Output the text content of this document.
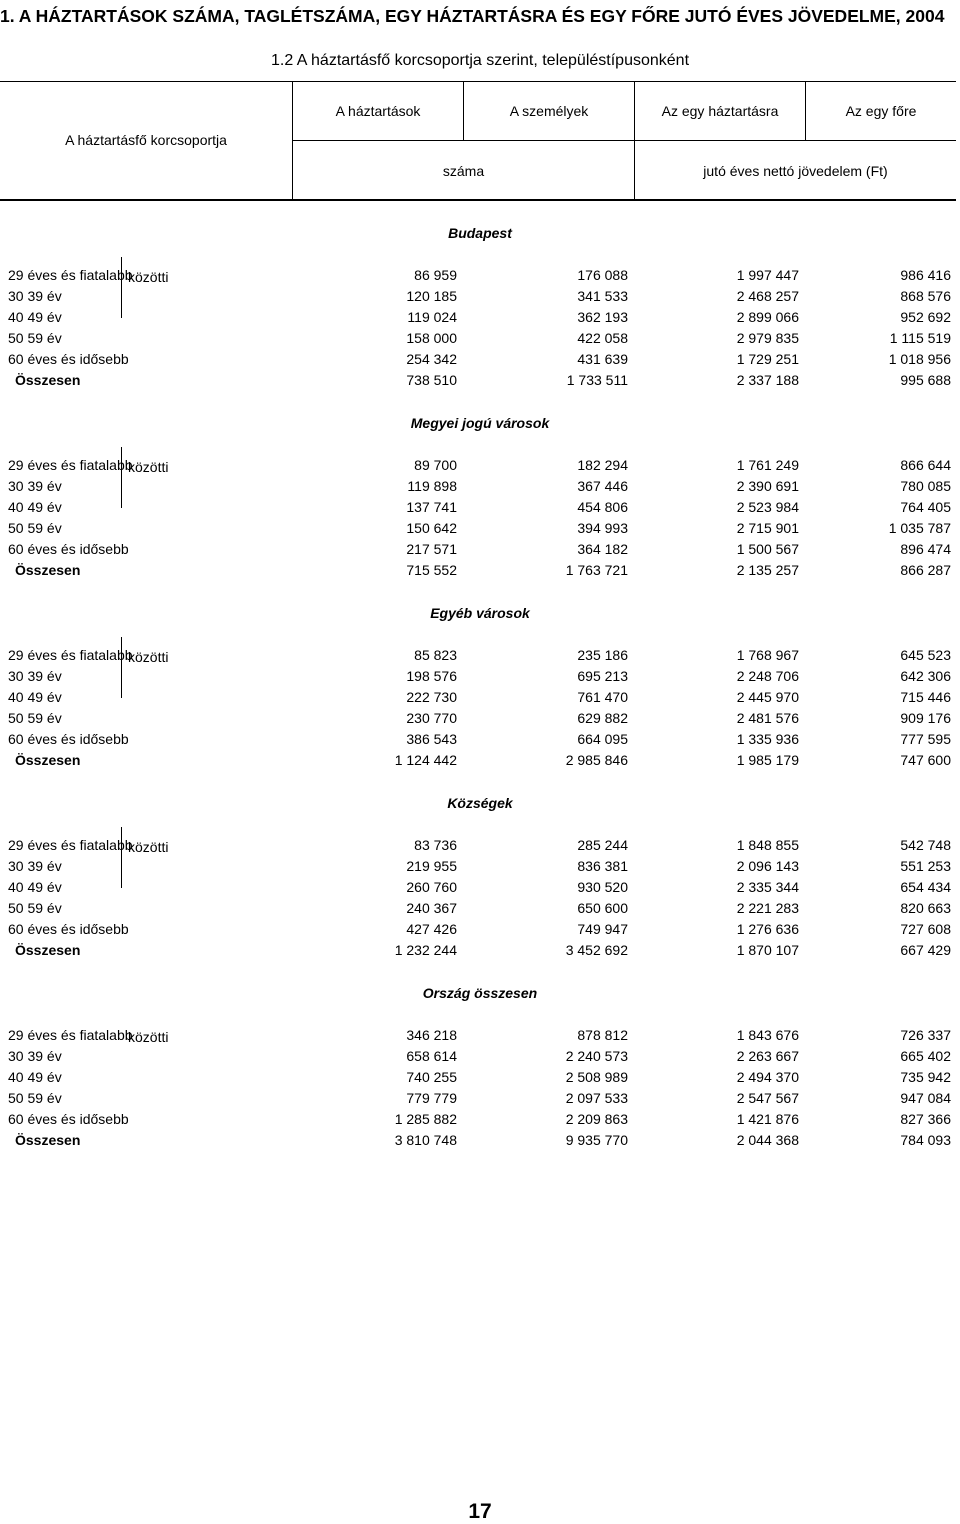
1. A HÁZTARTÁSOK SZÁMA, TAGLÉTSZÁMA, EGY HÁZTARTÁSRA ÉS EGY FŐRE JUTÓ ÉVES JÖVEDELME, 2004
1.2 A háztartásfő korcsoportja szerint, településtípusonként
A háztartásfő korcsoportja
A háztartások	A személyek	Az egy háztartásra	Az egy főre
száma	jutó éves nettó jövedelem (Ft)
Budapest
közötti
29 éves és fiatalabb	86 959	176 088	1 997 447	986 416
30 39 év	120 185	341 533	2 468 257	868 576
40 49 év	119 024	362 193	2 899 066	952 692
50 59 év	158 000	422 058	2 979 835	1 115 519
60 éves és idősebb	254 342	431 639	1 729 251	1 018 956
Összesen	738 510	1 733 511	2 337 188	995 688
Megyei jogú városok
közötti
29 éves és fiatalabb	89 700	182 294	1 761 249	866 644
30 39 év	119 898	367 446	2 390 691	780 085
40 49 év	137 741	454 806	2 523 984	764 405
50 59 év	150 642	394 993	2 715 901	1 035 787
60 éves és idősebb	217 571	364 182	1 500 567	896 474
Összesen	715 552	1 763 721	2 135 257	866 287
Egyéb városok
közötti
29 éves és fiatalabb	85 823	235 186	1 768 967	645 523
30 39 év	198 576	695 213	2 248 706	642 306
40 49 év	222 730	761 470	2 445 970	715 446
50 59 év	230 770	629 882	2 481 576	909 176
60 éves és idősebb	386 543	664 095	1 335 936	777 595
Összesen	1 124 442	2 985 846	1 985 179	747 600
Községek
közötti
29 éves és fiatalabb	83 736	285 244	1 848 855	542 748
30 39 év	219 955	836 381	2 096 143	551 253
40 49 év	260 760	930 520	2 335 344	654 434
50 59 év	240 367	650 600	2 221 283	820 663
60 éves és idősebb	427 426	749 947	1 276 636	727 608
Összesen	1 232 244	3 452 692	1 870 107	667 429
Ország összesen
közötti
29 éves és fiatalabb	346 218	878 812	1 843 676	726 337
30 39 év	658 614	2 240 573	2 263 667	665 402
40 49 év	740 255	2 508 989	2 494 370	735 942
50 59 év	779 779	2 097 533	2 547 567	947 084
60 éves és idősebb	1 285 882	2 209 863	1 421 876	827 366
Összesen	3 810 748	9 935 770	2 044 368	784 093
17
